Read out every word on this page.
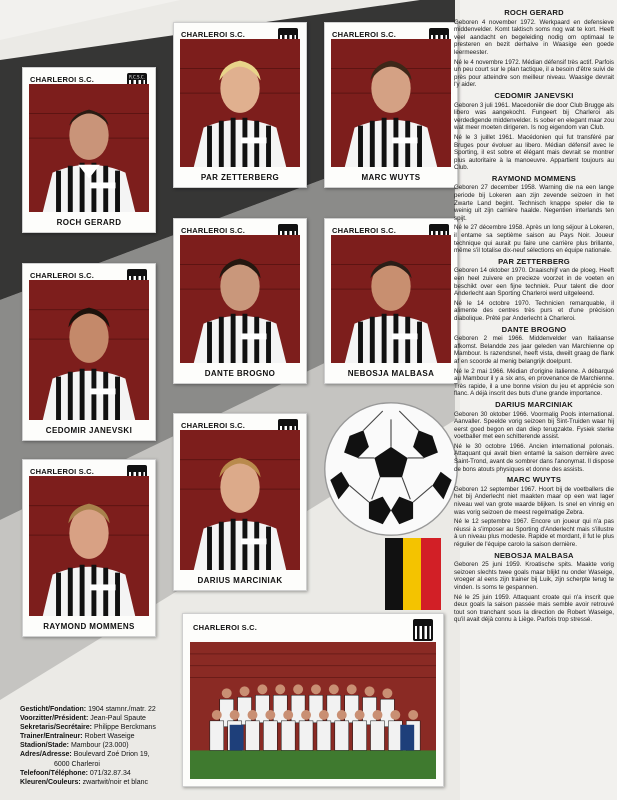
CHARLEROI S.C.	R.C.S.C.
ROCH GERARD
CHARLEROI S.C.
PAR ZETTERBERG
CHARLEROI S.C.
MARC WUYTS
CHARLEROI S.C.
DANTE BROGNO
CHARLEROI S.C.
NEBOSJA MALBASA
CHARLEROI S.C.
CEDOMIR JANEVSKI
CHARLEROI S.C.
DARIUS MARCINIAK
CHARLEROI S.C.
RAYMOND MOMMENS	CHARLEROI S.C.
Gesticht/Fondation: 1904 stamnr./matr. 22
Voorzitter/Président: Jean-Paul Spaute
Sekretaris/Secrétaire: Philippe Berckmans
Trainer/Entraîneur: Robert Waseige
Stadion/Stade: Mambour (23.000)
Adres/Adresse: Boulevard Zoé Drion 19,
6000 Charleroi
Telefoon/Téléphone: 071/32.87.34
Kleuren/Couleurs: zwartwit/noir et blanc
ROCH GERARD

Geboren 4 november 1972. Werkpaard en defensieve middenvelder. Komt taktisch soms nog wat te kort. Heeft veel aandacht en begeleiding nodig om optimaal te presteren en bezit derhalve in Waasige een goede leermeester.

Né le 4 novembre 1972. Médian défensif très actif. Parfois un peu court sur le plan tactique, il a besoin d'être suivi de près pour atteindre son meilleur niveau. Waasige devrait l'y aider.

CEDOMIR JANEVSKI

Geboren 3 juli 1961. Macedoniër die door Club Brugge als libero was aangekocht. Fungeert bij Charleroi als verdedigende middenvelder. Is sober en elegant maar zou wat meer moeten dirigeren. Is nog eigendom van Club.

Né le 3 juillet 1961. Macédonien qui fut transféré par Bruges pour évoluer au libero. Médian défensif avec le Sporting, il est sobre et élégant mais devrait se montrer plus autoritaire à la manoeuvre. Appartient toujours au Club.

RAYMOND MOMMENS

Geboren 27 december 1958. Warning die na een lange periode bij Lokeren aan zijn zevende seizoen in het Zwarte Land begint. Technisch knappe speler die te weinig uit zijn carrière haalde. Negentien interlands ten spijt.

Né le 27 décembre 1958. Après un long séjour à Lokeren, il entame sa septième saison au Pays Noir. Joueur technique qui aurait pu faire une carrière plus brillante, même s'il totalise dix-neuf sélections en équipe nationale.

PAR ZETTERBERG

Geboren 14 oktober 1970. Draaischijf van de ploeg. Heeft een heel zuivere en precieze voorzet in de voeten en beschikt over een fijne techniek. Puur talent die door Anderlecht aan Sporting Charleroi werd uitgeleend.

Né le 14 octobre 1970. Technicien remarquable, il alimente des centres très purs et d'une précision diabolique. Prêté par Anderlecht à Charleroi.

DANTE BROGNO

Geboren 2 mei 1966. Middenvelder van Italiaanse afkomst. Belandde zes jaar geleden van Marchienne op Mambour. Is razendsnel, heeft vista, dweilt graag de flank af en scoorde al menig belangrijk doelpunt.

Né le 2 mai 1966. Médian d'origine italienne. A débarqué au Mambour il y a six ans, en provenance de Marchienne. Très rapide, il a une bonne vision du jeu et apprécie son flanc. A déjà inscrit des buts d'une grande importance.

DARIUS MARCINIAK

Geboren 30 oktober 1966. Voormalig Pools international. Aanvaller. Speelde vorig seizoen bij Sint-Truiden waar hij eerst goed begon en dan diep terugzakte. Fysiek sterke voetballer met een schitterende assist.

Né le 30 octobre 1966. Ancien international polonais. Attaquant qui avait bien entamé la saison dernière avec Saint-Trond, avant de sombrer dans l'anonymat. Il dispose de bons atouts physiques et donne des assists.

MARC WUYTS

Geboren 12 september 1967. Hoort bij de voetballers die het bij Anderlecht niet maakten maar op een wat lager niveau wel van grote waarde blijken. Is snel en vinnig en was vorig seizoen de meest regelmatige Zebra.

Né le 12 septembre 1967. Encore un joueur qui n'a pas réussi à s'imposer au Sporting d'Anderlecht mais s'illustre à un niveau plus modeste. Rapide et mordant, il fut le plus régulier de l'équipe carolo la saison dernière.

NEBOSJA MALBASA

Geboren 25 juni 1959. Kroatische spits. Maakte vorig seizoen slechts twee goals maar blijkt nu onder Waseige, vroeger al eens zijn trainer bij Luik, zijn scherpte terug te vinden. Is soms te gespannen.

Né le 25 juin 1959. Attaquant croate qui n'a inscrit que deux goals la saison passée mais semble avoir retrouvé tout son tranchant sous la direction de Robert Waseige, qu'il avait déjà connu à Liège. Parfois trop stressé.
